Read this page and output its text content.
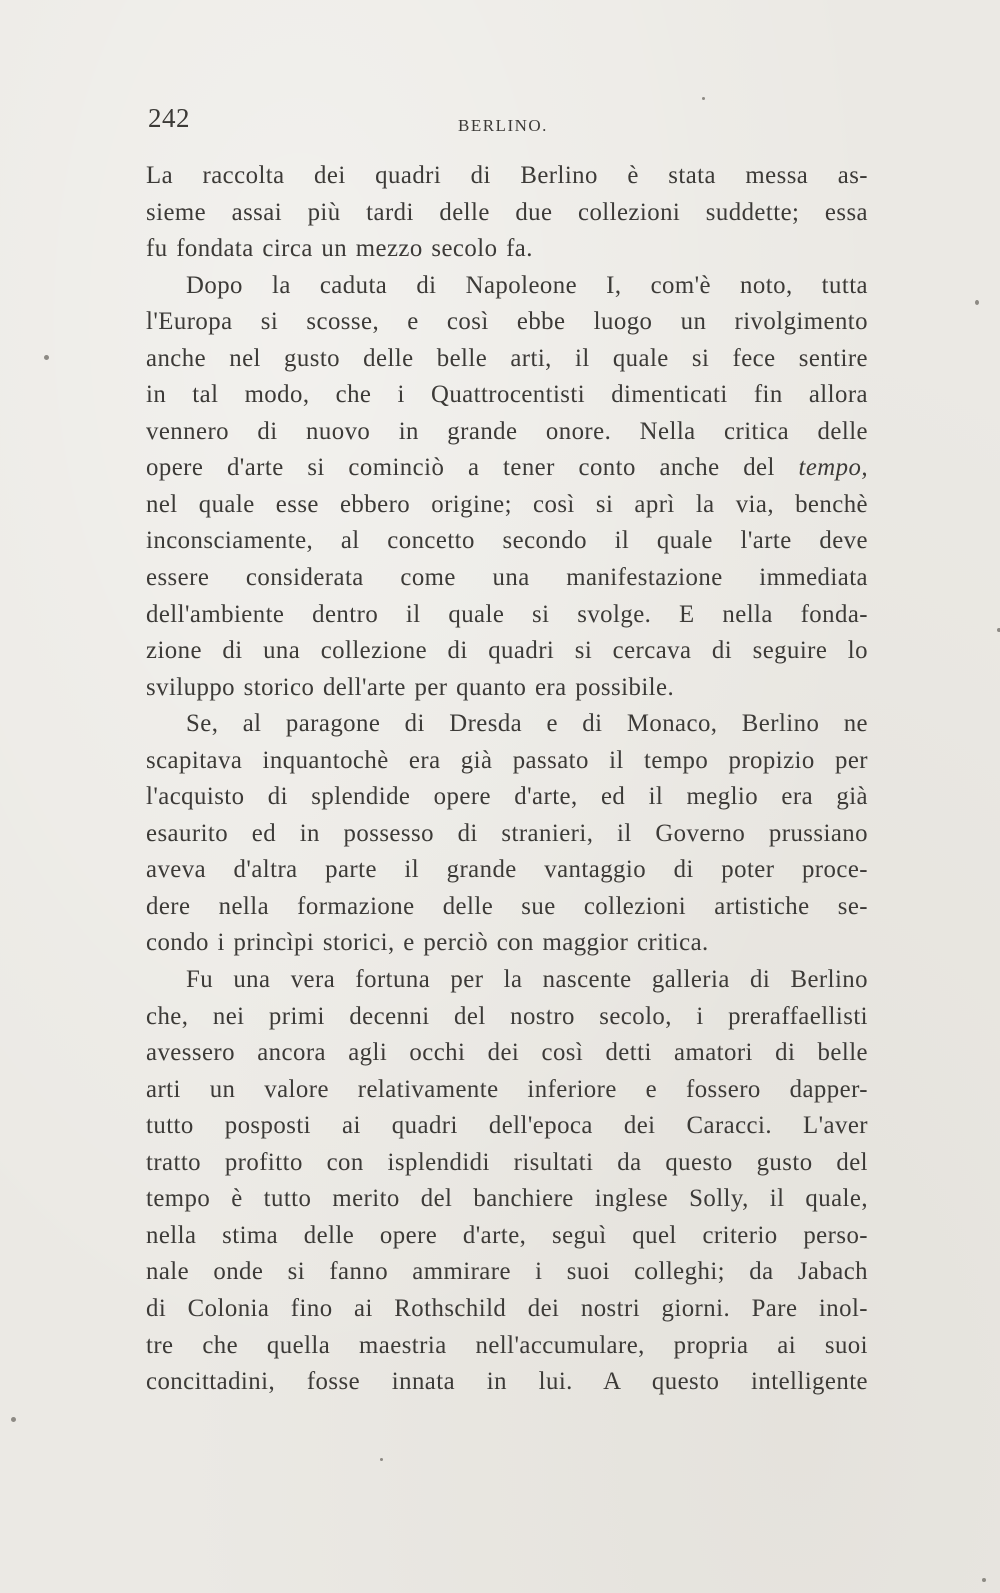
242	BERLINO.
La raccolta dei quadri di Berlino è stata messa as-
sieme assai più tardi delle due collezioni suddette; essa
fu fondata circa un mezzo secolo fa.
Dopo la caduta di Napoleone I, com'è noto, tutta
l'Europa si scosse, e così ebbe luogo un rivolgimento
anche nel gusto delle belle arti, il quale si fece sentire
in tal modo, che i Quattrocentisti dimenticati fin allora
vennero di nuovo in grande onore. Nella critica delle
opere d'arte si cominciò a tener conto anche del tempo,
nel quale esse ebbero origine; così si aprì la via, benchè
inconsciamente, al concetto secondo il quale l'arte deve
essere considerata come una manifestazione immediata
dell'ambiente dentro il quale si svolge. E nella fonda-
zione di una collezione di quadri si cercava di seguire lo
sviluppo storico dell'arte per quanto era possibile.
Se, al paragone di Dresda e di Monaco, Berlino ne
scapitava inquantochè era già passato il tempo propizio per
l'acquisto di splendide opere d'arte, ed il meglio era già
esaurito ed in possesso di stranieri, il Governo prussiano
aveva d'altra parte il grande vantaggio di poter proce-
dere nella formazione delle sue collezioni artistiche se-
condo i princìpi storici, e perciò con maggior critica.
Fu una vera fortuna per la nascente galleria di Berlino
che, nei primi decenni del nostro secolo, i preraffaellisti
avessero ancora agli occhi dei così detti amatori di belle
arti un valore relativamente inferiore e fossero dapper-
tutto posposti ai quadri dell'epoca dei Caracci. L'aver
tratto profitto con isplendidi risultati da questo gusto del
tempo è tutto merito del banchiere inglese Solly, il quale,
nella stima delle opere d'arte, seguì quel criterio perso-
nale onde si fanno ammirare i suoi colleghi; da Jabach
di Colonia fino ai Rothschild dei nostri giorni. Pare inol-
tre che quella maestria nell'accumulare, propria ai suoi
concittadini, fosse innata in lui. A questo intelligente
